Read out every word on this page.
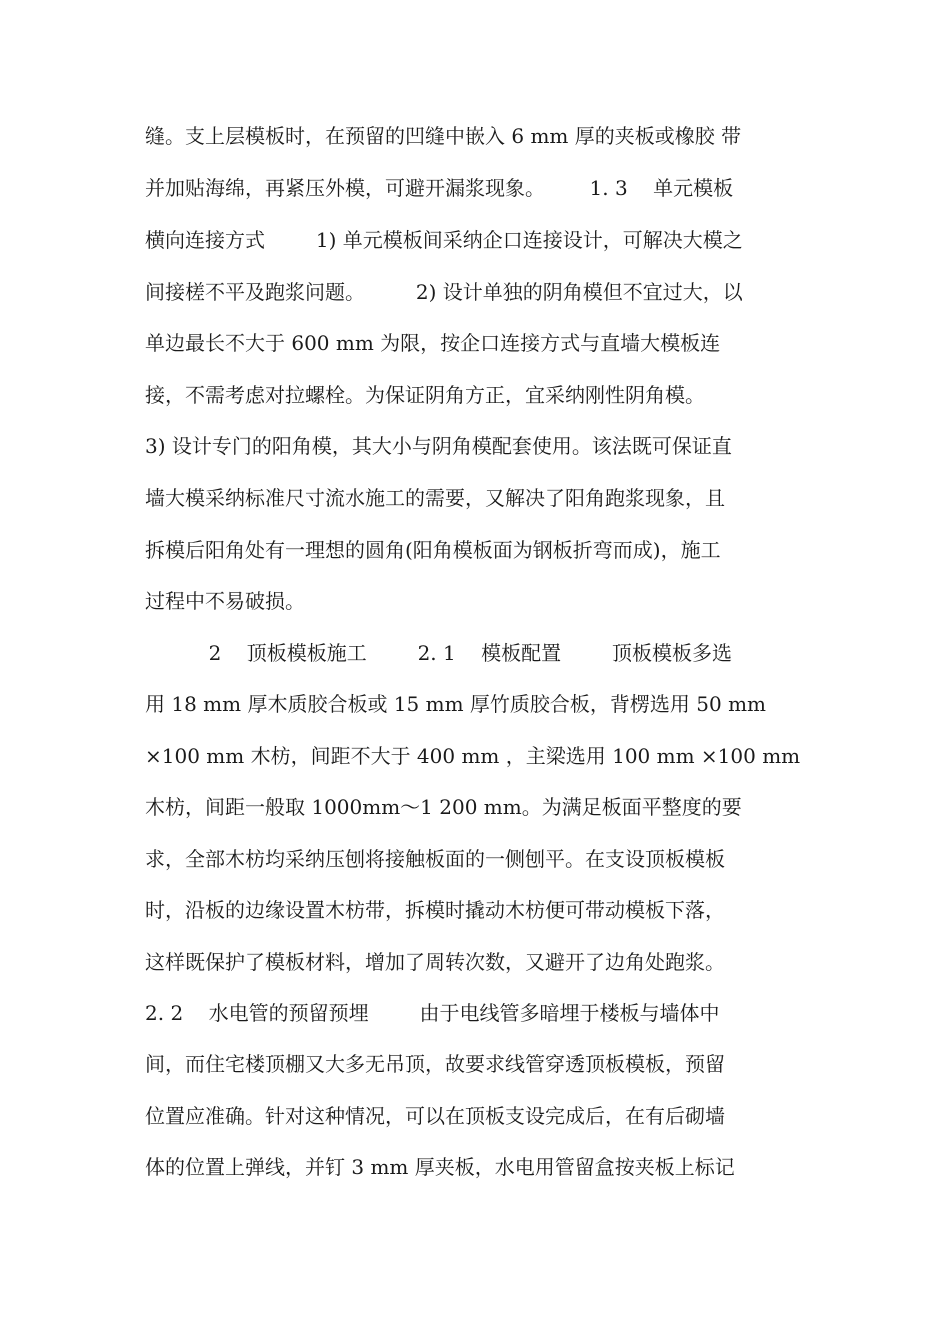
缝。支上层模板时，在预留的凹缝中嵌入 6 mm 厚的夹板或橡胶 带
并加贴海绵，再紧压外模，可避开漏浆现象。       1. 3    单元模板
横向连接方式        1) 单元模板间采纳企口连接设计，可解决大模之
间接槎不平及跑浆问题。        2) 设计单独的阴角模但不宜过大，以
单边最长不大于 600 mm 为限，按企口连接方式与直墙大模板连
接，不需考虑对拉螺栓。为保证阴角方正，宜采纳刚性阴角模。
3) 设计专门的阳角模，其大小与阴角模配套使用。该法既可保证直
墙大模采纳标准尺寸流水施工的需要，又解决了阳角跑浆现象，且
拆模后阳角处有一理想的圆角(阳角模板面为钢板折弯而成)，施工
过程中不易破损。
2    顶板模板施工        2. 1    模板配置        顶板模板多选
用 18 mm 厚木质胶合板或 15 mm 厚竹质胶合板，背楞选用 50 mm
×100 mm 木枋，间距不大于 400 mm ，主梁选用 100 mm ×100 mm
木枋，间距一般取 1000mm～1 200 mm。为满足板面平整度的要
求，全部木枋均采纳压刨将接触板面的一侧刨平。在支设顶板模板
时，沿板的边缘设置木枋带，拆模时撬动木枋便可带动模板下落，
这样既保护了模板材料，增加了周转次数，又避开了边角处跑浆。
2. 2    水电管的预留预埋        由于电线管多暗埋于楼板与墙体中
间，而住宅楼顶棚又大多无吊顶，故要求线管穿透顶板模板，预留
位置应准确。针对这种情况，可以在顶板支设完成后，在有后砌墙
体的位置上弹线，并钉 3 mm 厚夹板，水电用管留盒按夹板上标记
